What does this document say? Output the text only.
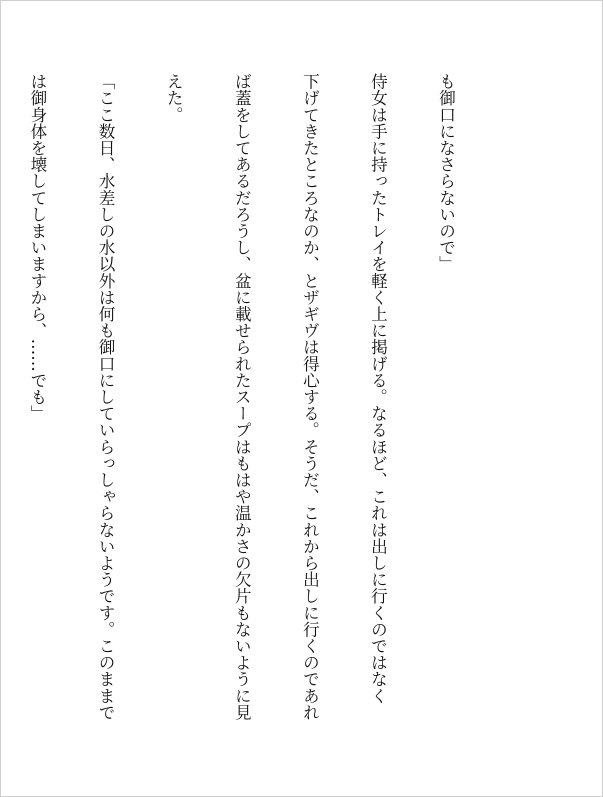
も御口になさらないので」

侍女は手に持ったトレイを軽く上に掲げる。なるほど、これは出しに行くのではなく

下げてきたところなのか、とザギヴは得心する。そうだ、これから出しに行くのであれ

ば蓋をしてあるだろうし、盆に載せられたスープはもはや温かさの欠片もないように見

えた。

「ここ数日、水差しの水以外は何も御口にしていらっしゃらないようです。このままで

は御身体を壊してしまいますから、……でも」
